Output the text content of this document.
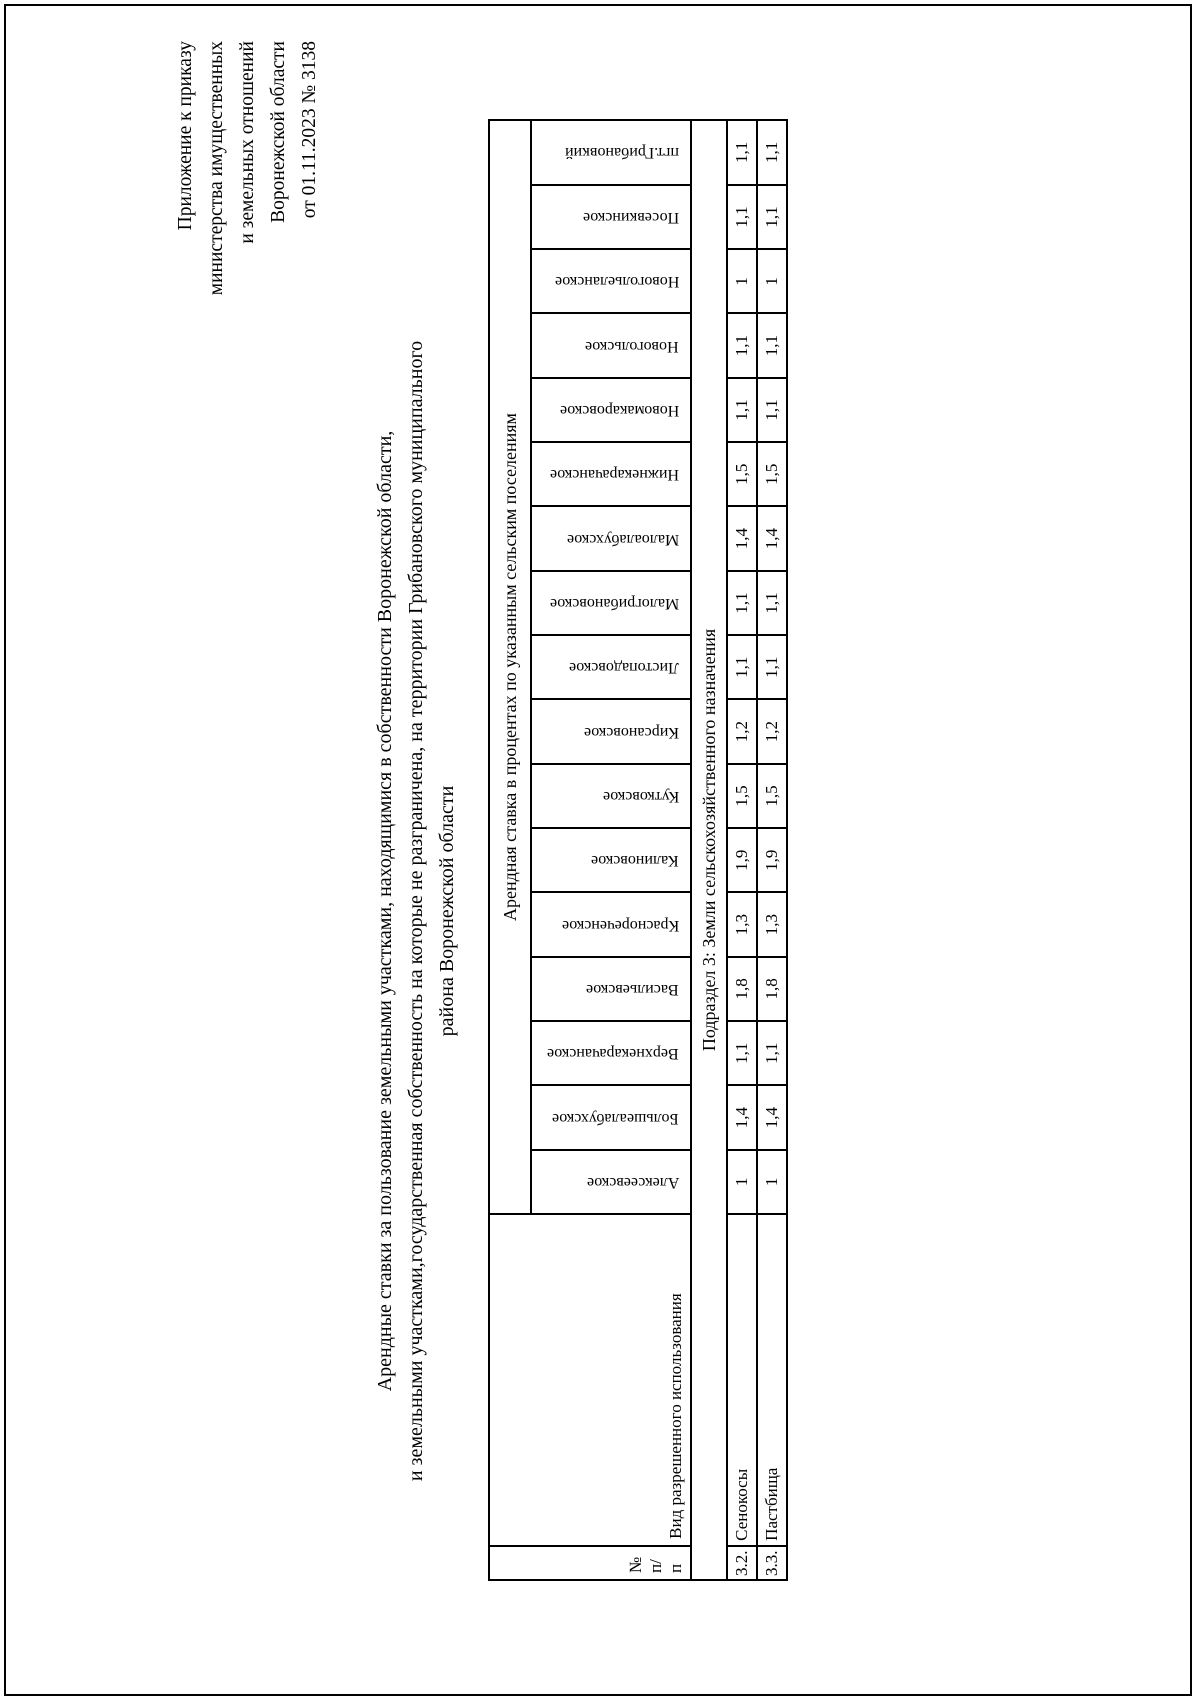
Приложение к приказу министерства имущественных и земельных отношений Воронежской области от 01.11.2023 № 3138
Арендные ставки за пользование земельными участками, находящимися в собственности Воронежской области, и земельными участками,государственная собственность на которые не разграничена, на территории Грибановского муниципального района Воронежской области
№ п/п	Вид разрешенного использования	Арендная ставка в процентах по указанным сельским поселениям																
		Алексеевское	Большеалабухское	Верхнекарачанское	Васильевское	Краснореченское	Калиновское	Кутковское	Кирсановское	Листопадовское	Малогрибановское	Малоалабухское	Нижнекарачанское	Новомакаровское	Новогольское	Новогольеланское	Посевкинское	пгт.Грибановкий
Подраздел 3: Земли сельскохозяйственного назначения																		
3.2.	Сенокосы	1	1,4	1,1	1,8	1,3	1,9	1,5	1,2	1,1	1,1	1,4	1,5	1,1	1,1	1	1,1	1,1
3.3.	Пастбища	1	1,4	1,1	1,8	1,3	1,9	1,5	1,2	1,1	1,1	1,4	1,5	1,1	1,1	1	1,1	1,1
